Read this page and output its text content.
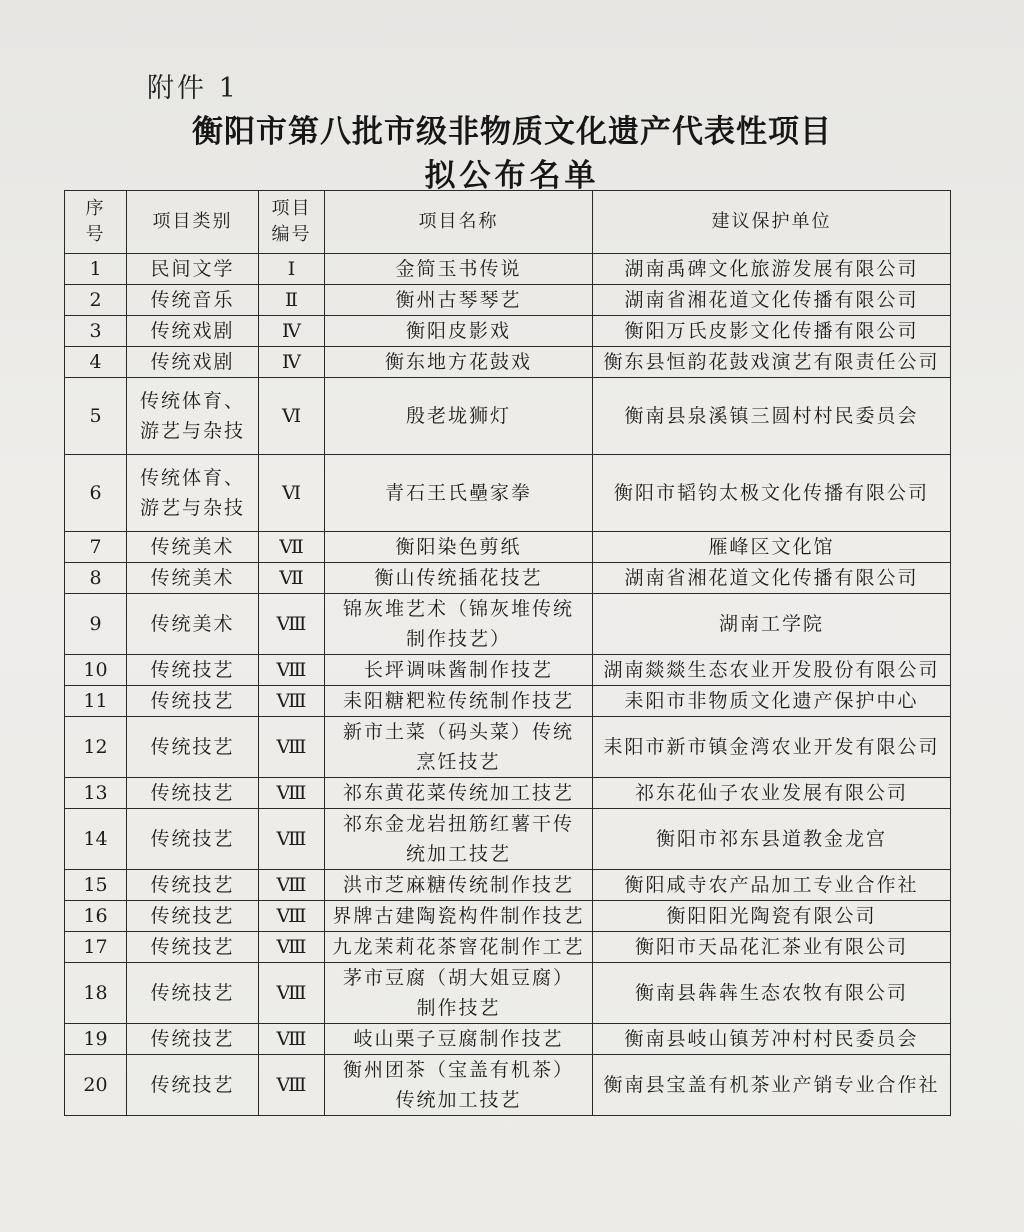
附件 1
衡阳市第八批市级非物质文化遗产代表性项目
拟公布名单
序号	项目类别	项目编号	项目名称	建议保护单位
1	民间文学	Ⅰ	金简玉书传说	湖南禹碑文化旅游发展有限公司
2	传统音乐	Ⅱ	衡州古琴琴艺	湖南省湘花道文化传播有限公司
3	传统戏剧	Ⅳ	衡阳皮影戏	衡阳万氏皮影文化传播有限公司
4	传统戏剧	Ⅳ	衡东地方花鼓戏	衡东县恒韵花鼓戏演艺有限责任公司
5	传统体育、游艺与杂技	Ⅵ	殷老垅狮灯	衡南县泉溪镇三圆村村民委员会
6	传统体育、游艺与杂技	Ⅵ	青石王氏壘家拳	衡阳市韬钧太极文化传播有限公司
7	传统美术	Ⅶ	衡阳染色剪纸	雁峰区文化馆
8	传统美术	Ⅶ	衡山传统插花技艺	湖南省湘花道文化传播有限公司
9	传统美术	Ⅷ	锦灰堆艺术（锦灰堆传统制作技艺）	湖南工学院
10	传统技艺	Ⅷ	长坪调味酱制作技艺	湖南燚燚生态农业开发股份有限公司
11	传统技艺	Ⅷ	耒阳糖粑粒传统制作技艺	耒阳市非物质文化遗产保护中心
12	传统技艺	Ⅷ	新市土菜（码头菜）传统烹饪技艺	耒阳市新市镇金湾农业开发有限公司
13	传统技艺	Ⅷ	祁东黄花菜传统加工技艺	祁东花仙子农业发展有限公司
14	传统技艺	Ⅷ	祁东金龙岩扭筋红薯干传统加工技艺	衡阳市祁东县道教金龙宫
15	传统技艺	Ⅷ	洪市芝麻糖传统制作技艺	衡阳咸寺农产品加工专业合作社
16	传统技艺	Ⅷ	界牌古建陶瓷构件制作技艺	衡阳阳光陶瓷有限公司
17	传统技艺	Ⅷ	九龙茉莉花茶窨花制作工艺	衡阳市天品花汇茶业有限公司
18	传统技艺	Ⅷ	茅市豆腐（胡大姐豆腐）制作技艺	衡南县犇犇生态农牧有限公司
19	传统技艺	Ⅷ	岐山栗子豆腐制作技艺	衡南县岐山镇芳冲村村民委员会
20	传统技艺	Ⅷ	衡州团茶（宝盖有机茶）传统加工技艺	衡南县宝盖有机茶业产销专业合作社
